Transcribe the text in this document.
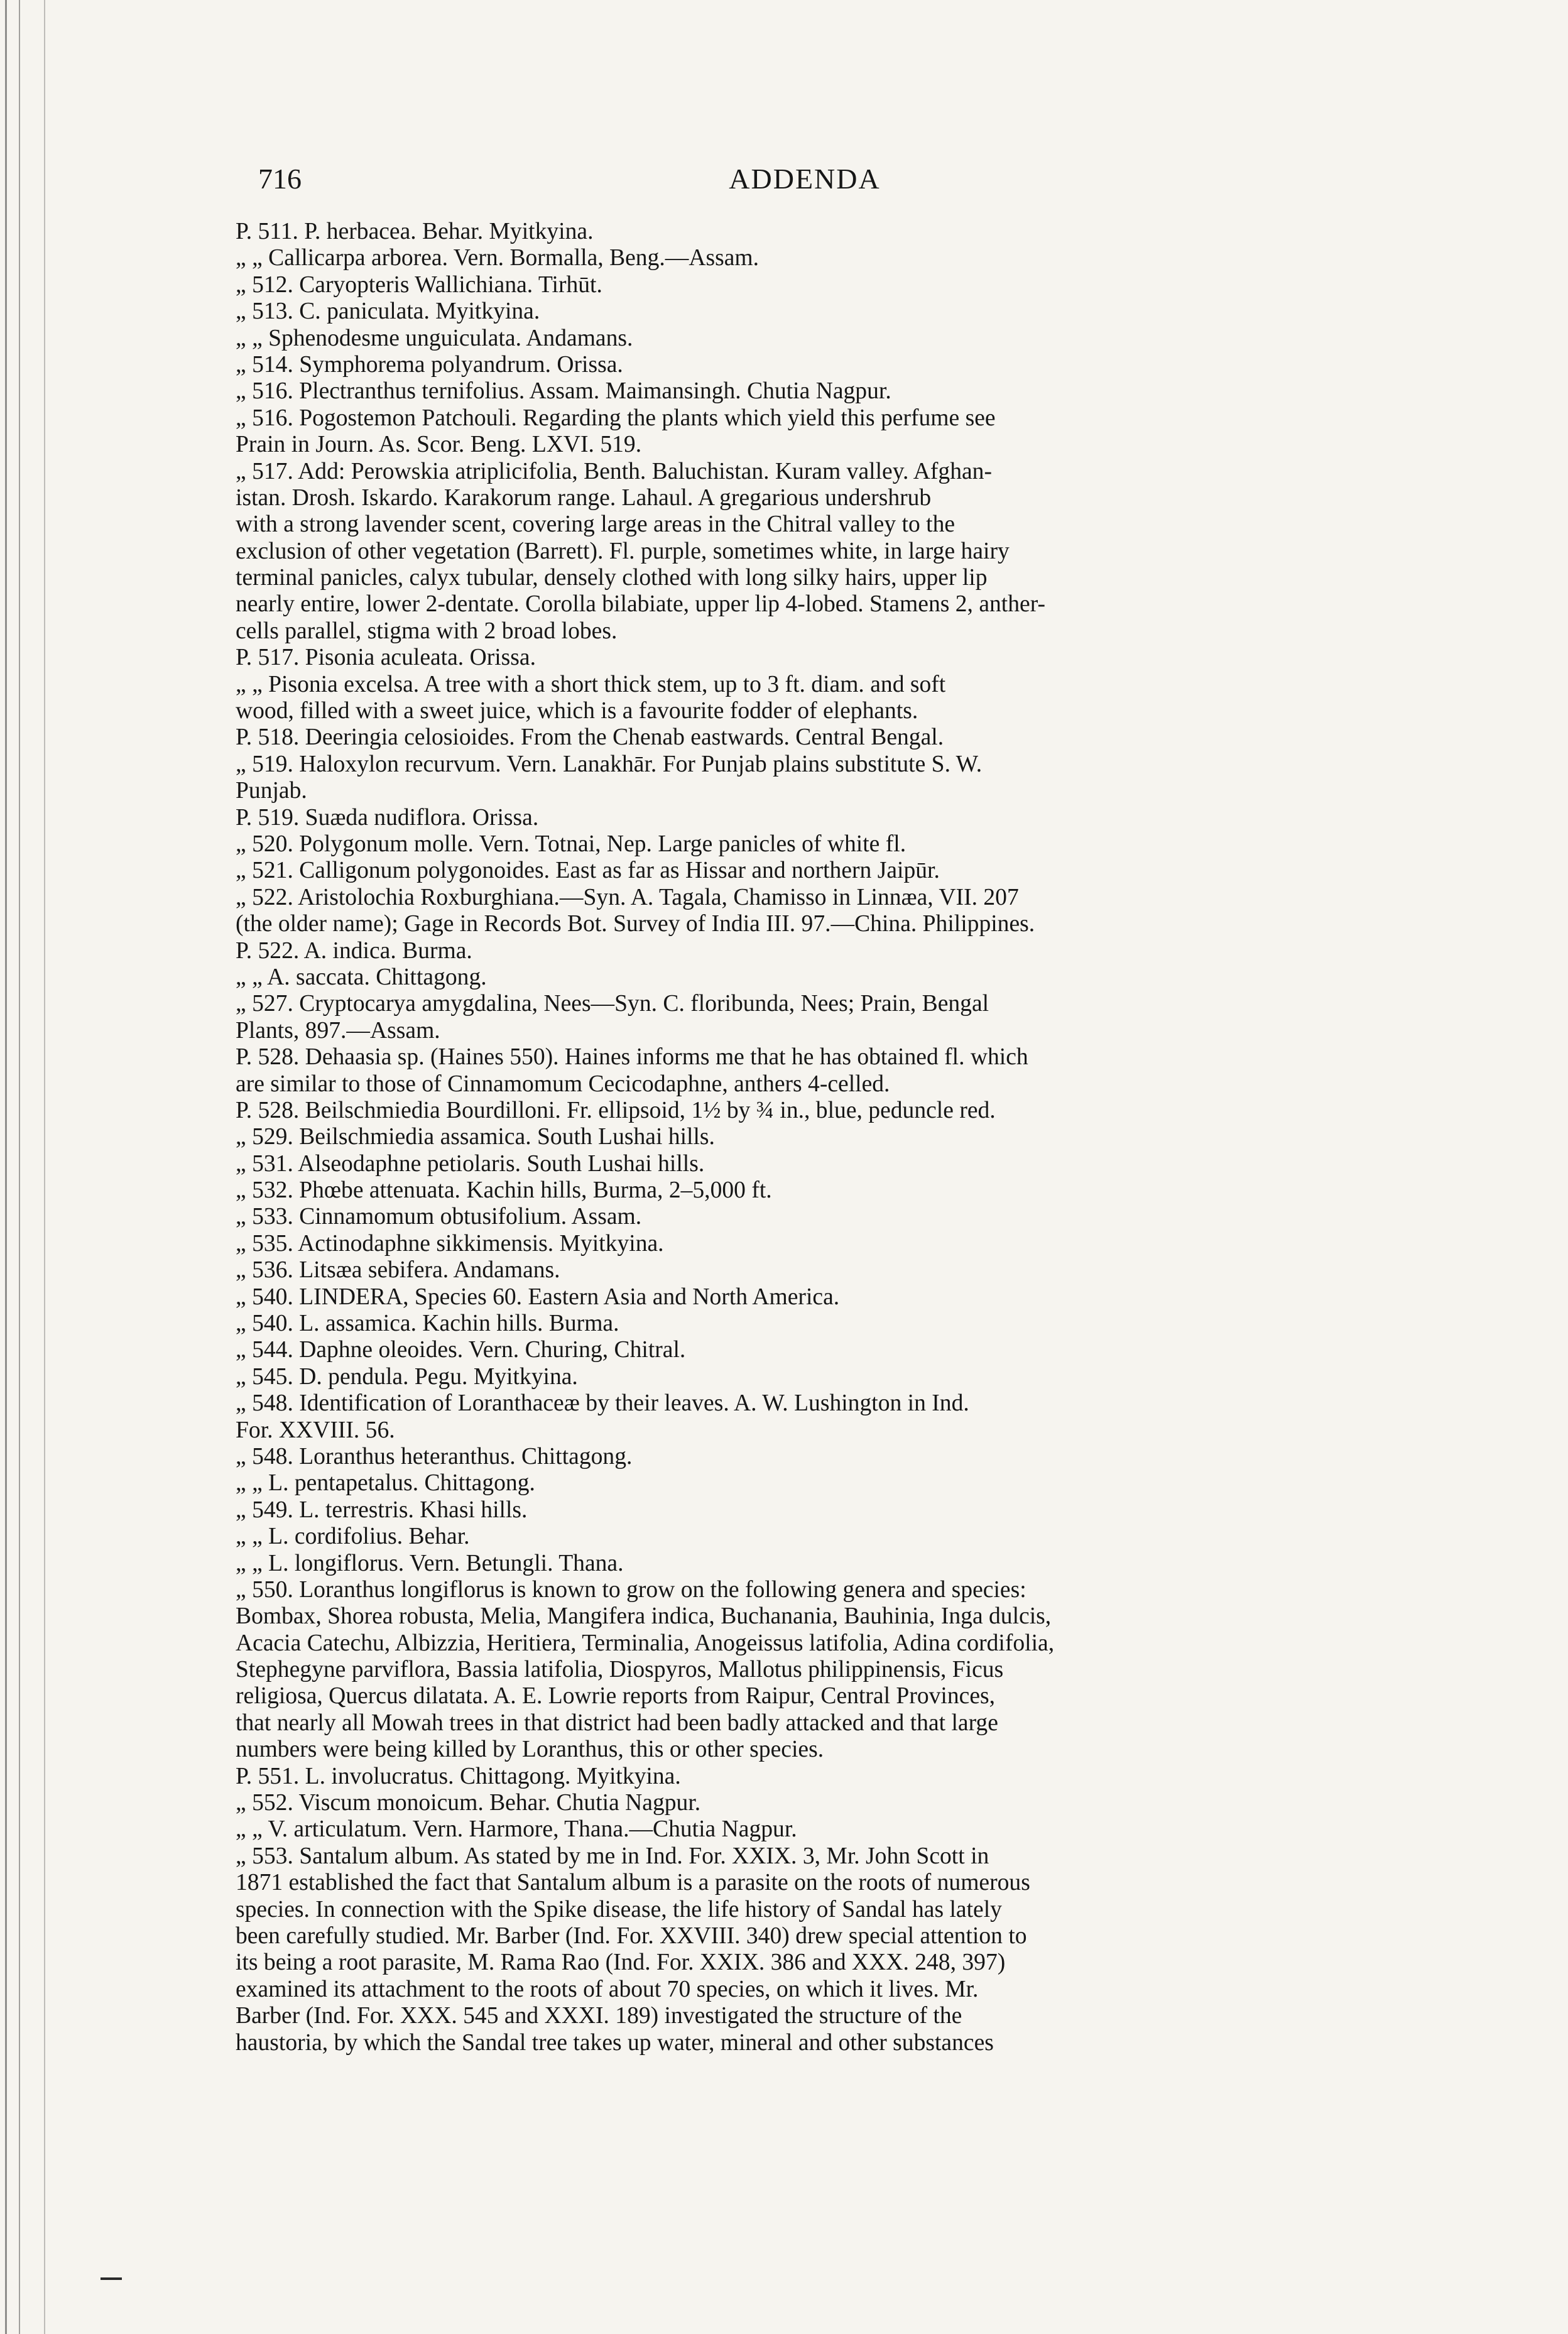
716	ADDENDA
P. 511. P. herbacea. Behar. Myitkyina.
„ „ Callicarpa arborea. Vern. Bormalla, Beng.—Assam.
„ 512. Caryopteris Wallichiana. Tirhūt.
„ 513. C. paniculata. Myitkyina.
„ „ Sphenodesme unguiculata. Andamans.
„ 514. Symphorema polyandrum. Orissa.
„ 516. Plectranthus ternifolius. Assam. Maimansingh. Chutia Nagpur.
„ 516. Pogostemon Patchouli. Regarding the plants which yield this perfume see
Prain in Journ. As. Scor. Beng. LXVI. 519.
„ 517. Add: Perowskia atriplicifolia, Benth. Baluchistan. Kuram valley. Afghan-
istan. Drosh. Iskardo. Karakorum range. Lahaul. A gregarious undershrub
with a strong lavender scent, covering large areas in the Chitral valley to the
exclusion of other vegetation (Barrett). Fl. purple, sometimes white, in large hairy
terminal panicles, calyx tubular, densely clothed with long silky hairs, upper lip
nearly entire, lower 2-dentate. Corolla bilabiate, upper lip 4-lobed. Stamens 2, anther-
cells parallel, stigma with 2 broad lobes.
P. 517. Pisonia aculeata. Orissa.
„ „ Pisonia excelsa. A tree with a short thick stem, up to 3 ft. diam. and soft
wood, filled with a sweet juice, which is a favourite fodder of elephants.
P. 518. Deeringia celosioides. From the Chenab eastwards. Central Bengal.
„ 519. Haloxylon recurvum. Vern. Lanakhār. For Punjab plains substitute S. W.
Punjab.
P. 519. Suæda nudiflora. Orissa.
„ 520. Polygonum molle. Vern. Totnai, Nep. Large panicles of white fl.
„ 521. Calligonum polygonoides. East as far as Hissar and northern Jaipūr.
„ 522. Aristolochia Roxburghiana.—Syn. A. Tagala, Chamisso in Linnæa, VII. 207
(the older name); Gage in Records Bot. Survey of India III. 97.—China. Philippines.
P. 522. A. indica. Burma.
„ „ A. saccata. Chittagong.
„ 527. Cryptocarya amygdalina, Nees—Syn. C. floribunda, Nees; Prain, Bengal
Plants, 897.—Assam.
P. 528. Dehaasia sp. (Haines 550). Haines informs me that he has obtained fl. which
are similar to those of Cinnamomum Cecicodaphne, anthers 4-celled.
P. 528. Beilschmiedia Bourdilloni. Fr. ellipsoid, 1½ by ¾ in., blue, peduncle red.
„ 529. Beilschmiedia assamica. South Lushai hills.
„ 531. Alseodaphne petiolaris. South Lushai hills.
„ 532. Phœbe attenuata. Kachin hills, Burma, 2–5,000 ft.
„ 533. Cinnamomum obtusifolium. Assam.
„ 535. Actinodaphne sikkimensis. Myitkyina.
„ 536. Litsæa sebifera. Andamans.
„ 540. LINDERA, Species 60. Eastern Asia and North America.
„ 540. L. assamica. Kachin hills. Burma.
„ 544. Daphne oleoides. Vern. Churing, Chitral.
„ 545. D. pendula. Pegu. Myitkyina.
„ 548. Identification of Loranthaceæ by their leaves. A. W. Lushington in Ind.
For. XXVIII. 56.
„ 548. Loranthus heteranthus. Chittagong.
„ „ L. pentapetalus. Chittagong.
„ 549. L. terrestris. Khasi hills.
„ „ L. cordifolius. Behar.
„ „ L. longiflorus. Vern. Betungli. Thana.
„ 550. Loranthus longiflorus is known to grow on the following genera and species:
Bombax, Shorea robusta, Melia, Mangifera indica, Buchanania, Bauhinia, Inga dulcis,
Acacia Catechu, Albizzia, Heritiera, Terminalia, Anogeissus latifolia, Adina cordifolia,
Stephegyne parviflora, Bassia latifolia, Diospyros, Mallotus philippinensis, Ficus
religiosa, Quercus dilatata. A. E. Lowrie reports from Raipur, Central Provinces,
that nearly all Mowah trees in that district had been badly attacked and that large
numbers were being killed by Loranthus, this or other species.
P. 551. L. involucratus. Chittagong. Myitkyina.
„ 552. Viscum monoicum. Behar. Chutia Nagpur.
„ „ V. articulatum. Vern. Harmore, Thana.—Chutia Nagpur.
„ 553. Santalum album. As stated by me in Ind. For. XXIX. 3, Mr. John Scott in
1871 established the fact that Santalum album is a parasite on the roots of numerous
species. In connection with the Spike disease, the life history of Sandal has lately
been carefully studied. Mr. Barber (Ind. For. XXVIII. 340) drew special attention to
its being a root parasite, M. Rama Rao (Ind. For. XXIX. 386 and XXX. 248, 397)
examined its attachment to the roots of about 70 species, on which it lives. Mr.
Barber (Ind. For. XXX. 545 and XXXI. 189) investigated the structure of the
haustoria, by which the Sandal tree takes up water, mineral and other substances
